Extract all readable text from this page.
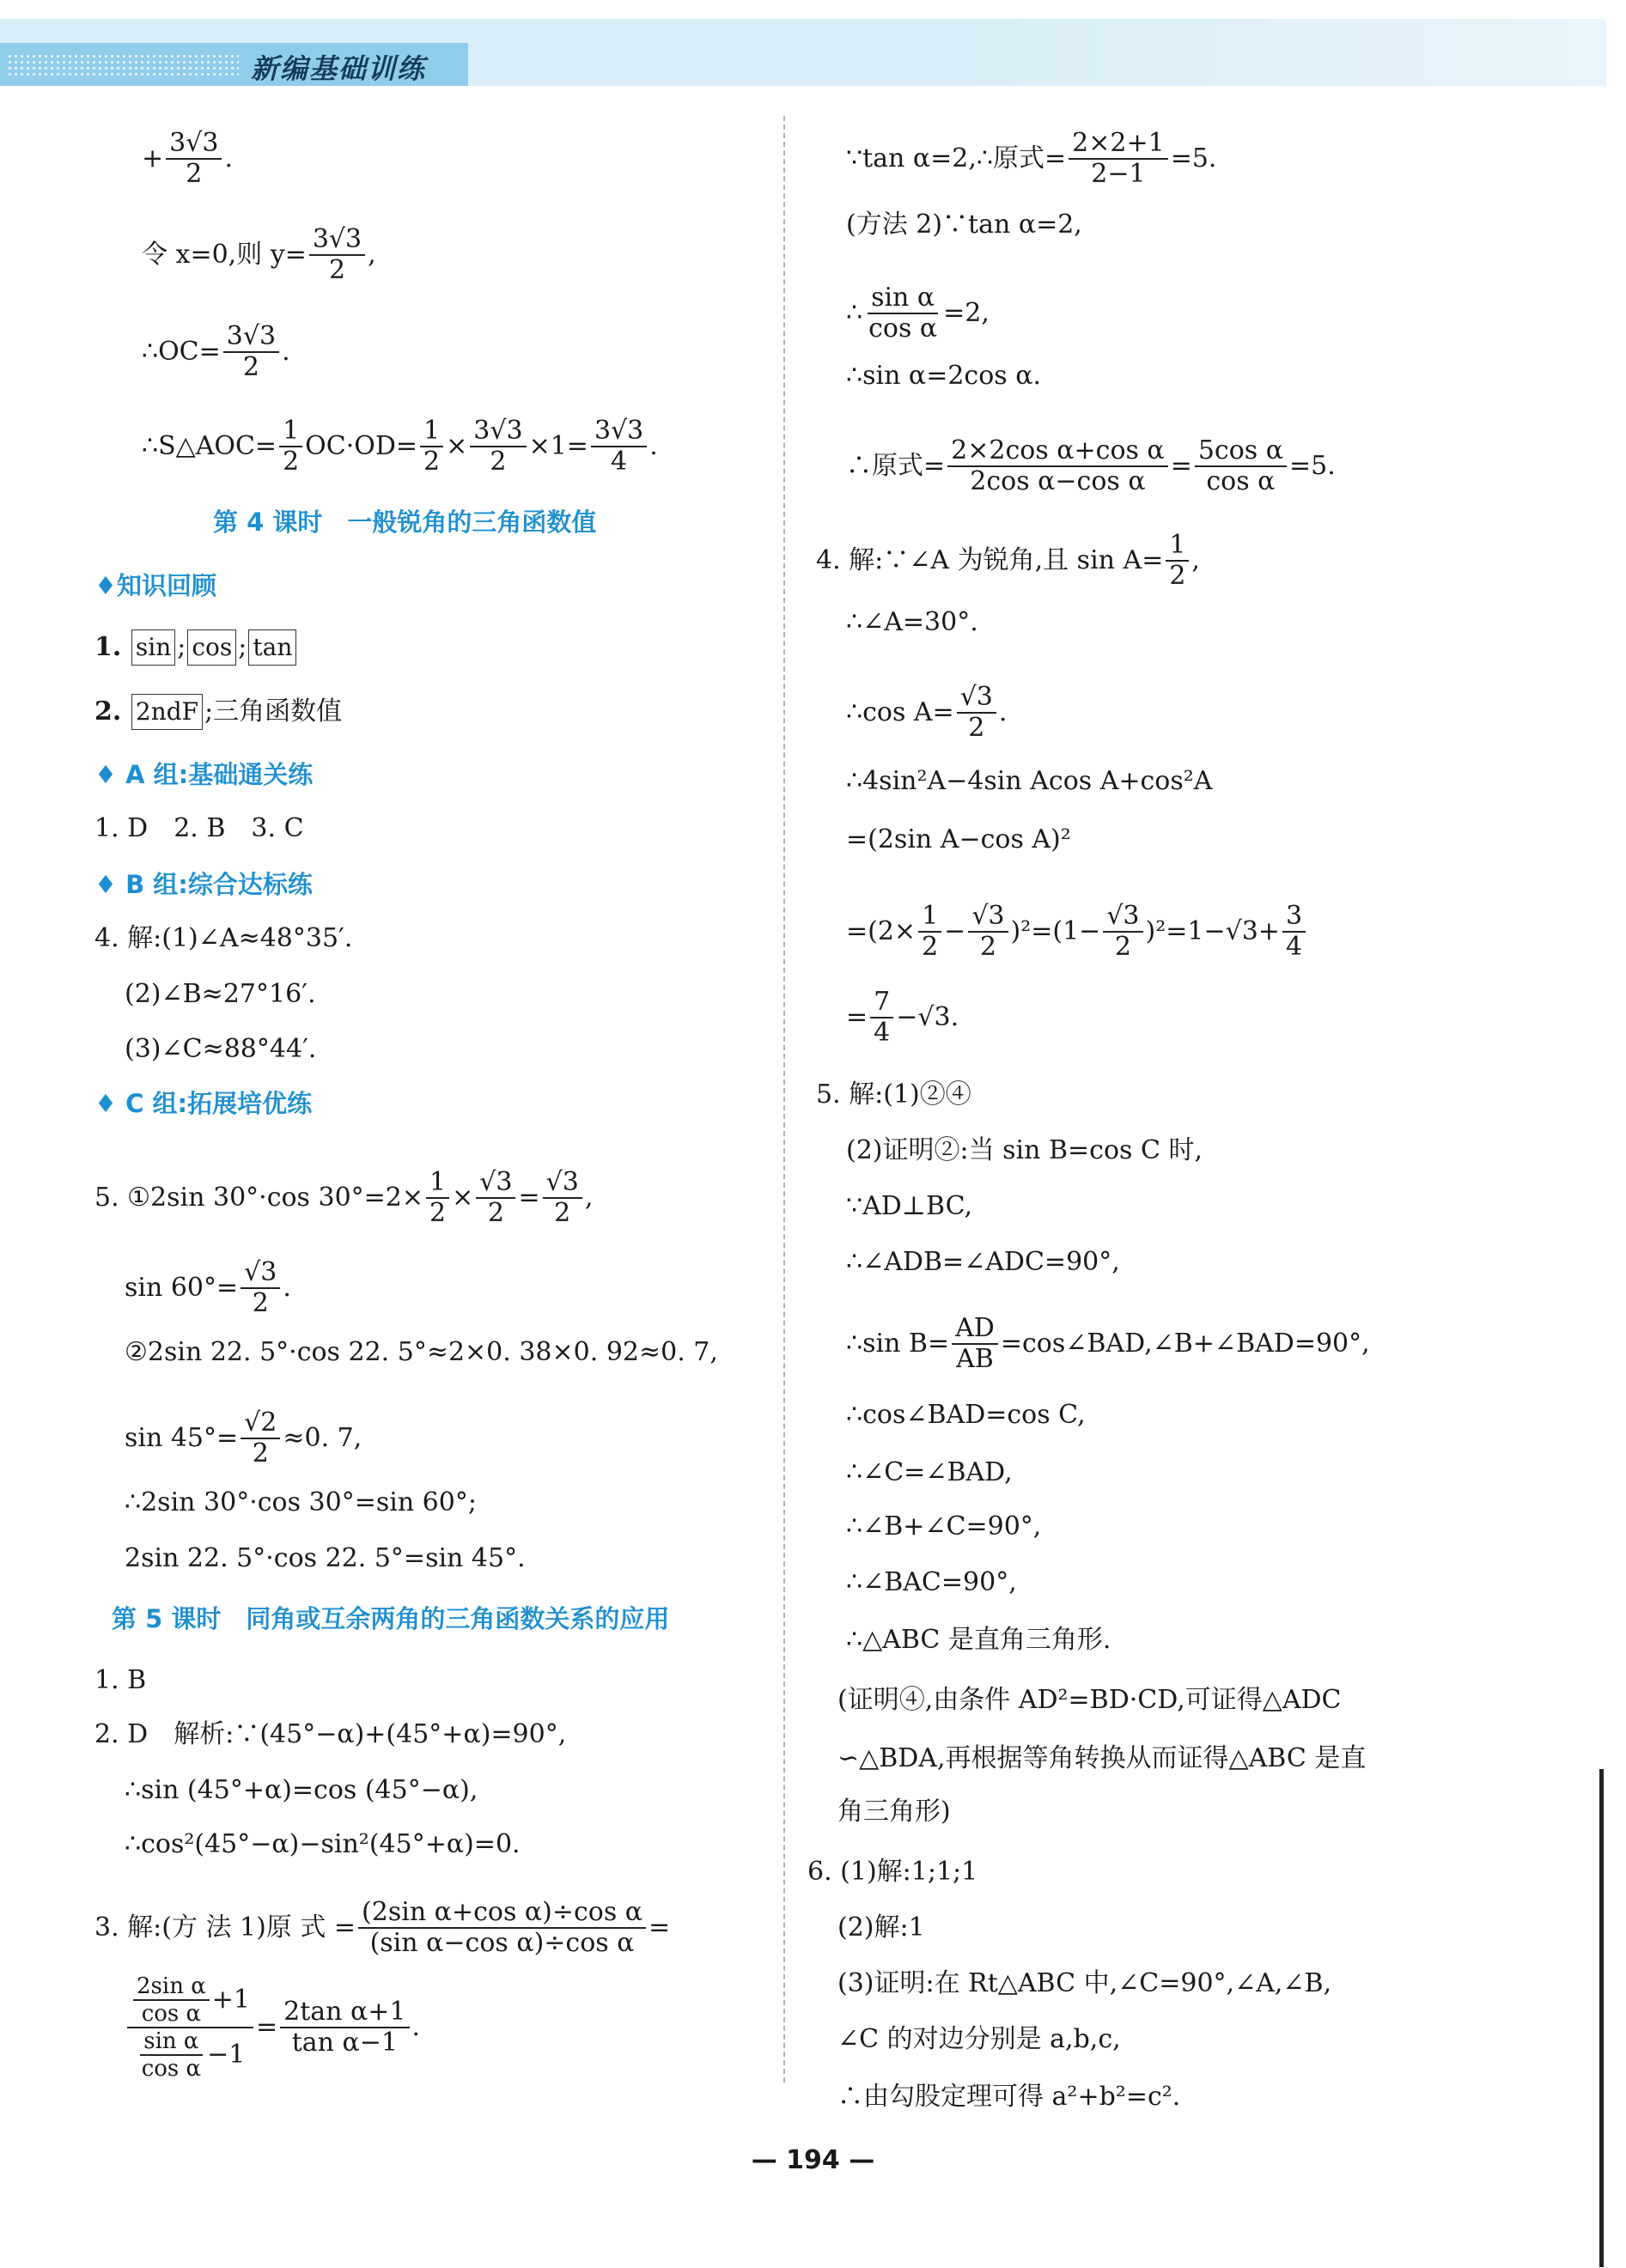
新编基础训练
+ $\frac{3√3}{2}$ .
令 x=0,则 $y= \frac{3√3}{2}$ ,
∴OC= $\frac{3√3}{2}$ .
∴S△AOC= $\frac{1}{2} OC\cdot OD= \frac{1}{2} \times \frac{3√3}{2} \times 1= \frac{3√3}{4}$ .
第 4 课时　一般锐角的三角函数值
♦知识回顾
1.
sin ; cos ; tan
2.
2ndF ;三角函数值
♦ A 组:基础通关练
1. D　2. B　3. C
♦ B 组:综合达标练
4. 解:(1)∠A≈48°35′.
(2)∠B≈27°16′.
(3)∠C≈88°44′.
♦ C 组:拓展培优练
5. ①2sin 30°·cos $30^\circ=2\times \frac{1}{2} \times \frac{√3}{2} = \frac{√3}{2}$ ,
$\sin 60^\circ= \frac{√3}{2}$ .
②2sin 22. 5°·cos 22. 5°≈2×0. 38×0. 92≈0. 7,
$\sin 45^\circ= \frac{√2}{2} \approx 0$. 7,
∴2sin 30°·cos 30°=sin 60°;
2sin 22. 5°·cos 22. 5°=sin 45°.
第 5 课时　同角或互余两角的三角函数关系的应用
1. B
2. D　解析:∵(45°−α)+(45°+α)=90°,
∴sin (45°+α)=cos (45°−α),
∴cos²(45°−α)−sin²(45°+α)=0.
3. 解:(方 法 1)原 式 = $\frac{\text{(2sin α+cos α)÷cos α}}{\text{(sin α−cos α)÷cos α}}$ =
$\frac{\frac{\text{2sin α}}{\text{cos α}} +1}{\frac{\text{sin α}}{\text{cos α}} -1} = \frac{\text{2tan α+1}}{\text{tan α−1}}$ .
∵tan α=2,∴原式= $\frac{2\times 2+1}{2-1} =5$.
(方法 2)∵tan α=2,
∴ $\frac{\text{sin α}}{\text{cos α}} =2$,
∴sin α=2cos α.
∴原式= $\frac{\text{2×2cos α+cos α}}{\text{2cos α−cos α}} = \frac{\text{5cos α}}{\text{cos α}} =5$.
4. 解:∵∠A 为锐角,且 $\sin A= \frac{1}{2}$ ,
∴∠A=30°.
∴cos $A= \frac{√3}{2}$ .
∴4sin²A−4sin Acos A+cos²A
=(2sin A−cos A)²
$=(2\times \frac{1}{2} - \frac{√3}{2} )^2=(1- \frac{√3}{2} )^2=1-√3+ \frac{3}{4}$
= $\frac{7}{4} -√3$.
5. 解:(1)②④
(2)证明②:当 sin B=cos C 时,
∵AD⊥BC,
∴∠ADB=∠ADC=90°,
∴sin $B= \frac{AD}{AB}$ =cos∠BAD,∠B+∠BAD=90°,
∴cos∠BAD=cos C,
∴∠C=∠BAD,
∴∠B+∠C=90°,
∴∠BAC=90°,
∴△ABC 是直角三角形.
(证明④,由条件 AD²=BD·CD,可证得△ADC
∽△BDA,再根据等角转换从而证得△ABC 是直
角三角形)
6. (1)解:1;1;1
(2)解:1
(3)证明:在 Rt△ABC 中,∠C=90°,∠A,∠B,
∠C 的对边分别是 a,b,c,
∴由勾股定理可得 a²+b²=c².
— 194 —
